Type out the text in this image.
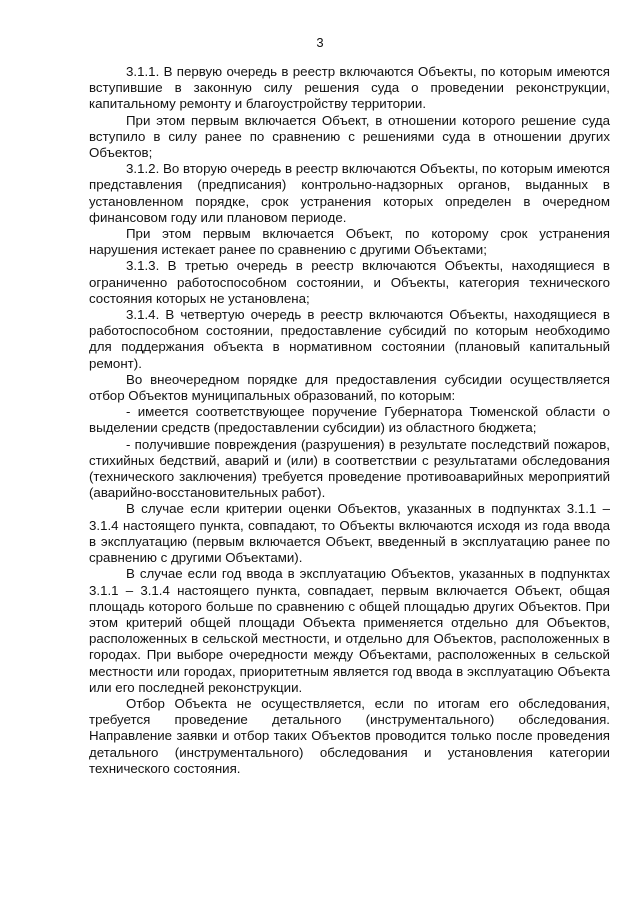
3

3.1.1. В первую очередь в реестр включаются Объекты, по которым имеются вступившие в законную силу решения суда о проведении реконструкции, капитальному ремонту и благоустройству территории.

При этом первым включается Объект, в отношении которого решение суда вступило в силу ранее по сравнению с решениями суда в отношении других Объектов;

3.1.2. Во вторую очередь в реестр включаются Объекты, по которым имеются представления (предписания) контрольно-надзорных органов, выданных в установленном порядке, срок устранения которых определен в очередном финансовом году или плановом периоде.

При этом первым включается Объект, по которому срок устранения нарушения истекает ранее по сравнению с другими Объектами;

3.1.3. В третью очередь в реестр включаются Объекты, находящиеся в ограниченно работоспособном состоянии, и Объекты, категория технического состояния которых не установлена;

3.1.4. В четвертую очередь в реестр включаются Объекты, находящиеся в работоспособном состоянии, предоставление субсидий по которым необходимо для поддержания объекта в нормативном состоянии (плановый капитальный ремонт).

Во внеочередном порядке для предоставления субсидии осуществляется отбор Объектов муниципальных образований, по которым:

- имеется соответствующее поручение Губернатора Тюменской области о выделении средств (предоставлении субсидии) из областного бюджета;

- получившие повреждения (разрушения) в результате последствий пожаров, стихийных бедствий, аварий и (или) в соответствии с результатами обследования (технического заключения) требуется проведение противоаварийных мероприятий (аварийно-восстановительных работ).

В случае если критерии оценки Объектов, указанных в подпунктах 3.1.1 – 3.1.4 настоящего пункта, совпадают, то Объекты включаются исходя из года ввода в эксплуатацию (первым включается Объект, введенный в эксплуатацию ранее по сравнению с другими Объектами).

В случае если год ввода в эксплуатацию Объектов, указанных в подпунктах 3.1.1 – 3.1.4 настоящего пункта, совпадает, первым включается Объект, общая площадь которого больше по сравнению с общей площадью других Объектов. При этом критерий общей площади Объекта применяется отдельно для Объектов, расположенных в сельской местности, и отдельно для Объектов, расположенных в городах. При выборе очередности между Объектами, расположенных в сельской местности или городах, приоритетным является год ввода в эксплуатацию Объекта или его последней реконструкции.

Отбор Объекта не осуществляется, если по итогам его обследования, требуется проведение детального (инструментального) обследования. Направление заявки и отбор таких Объектов проводится только после проведения детального (инструментального) обследования и установления категории технического состояния.
